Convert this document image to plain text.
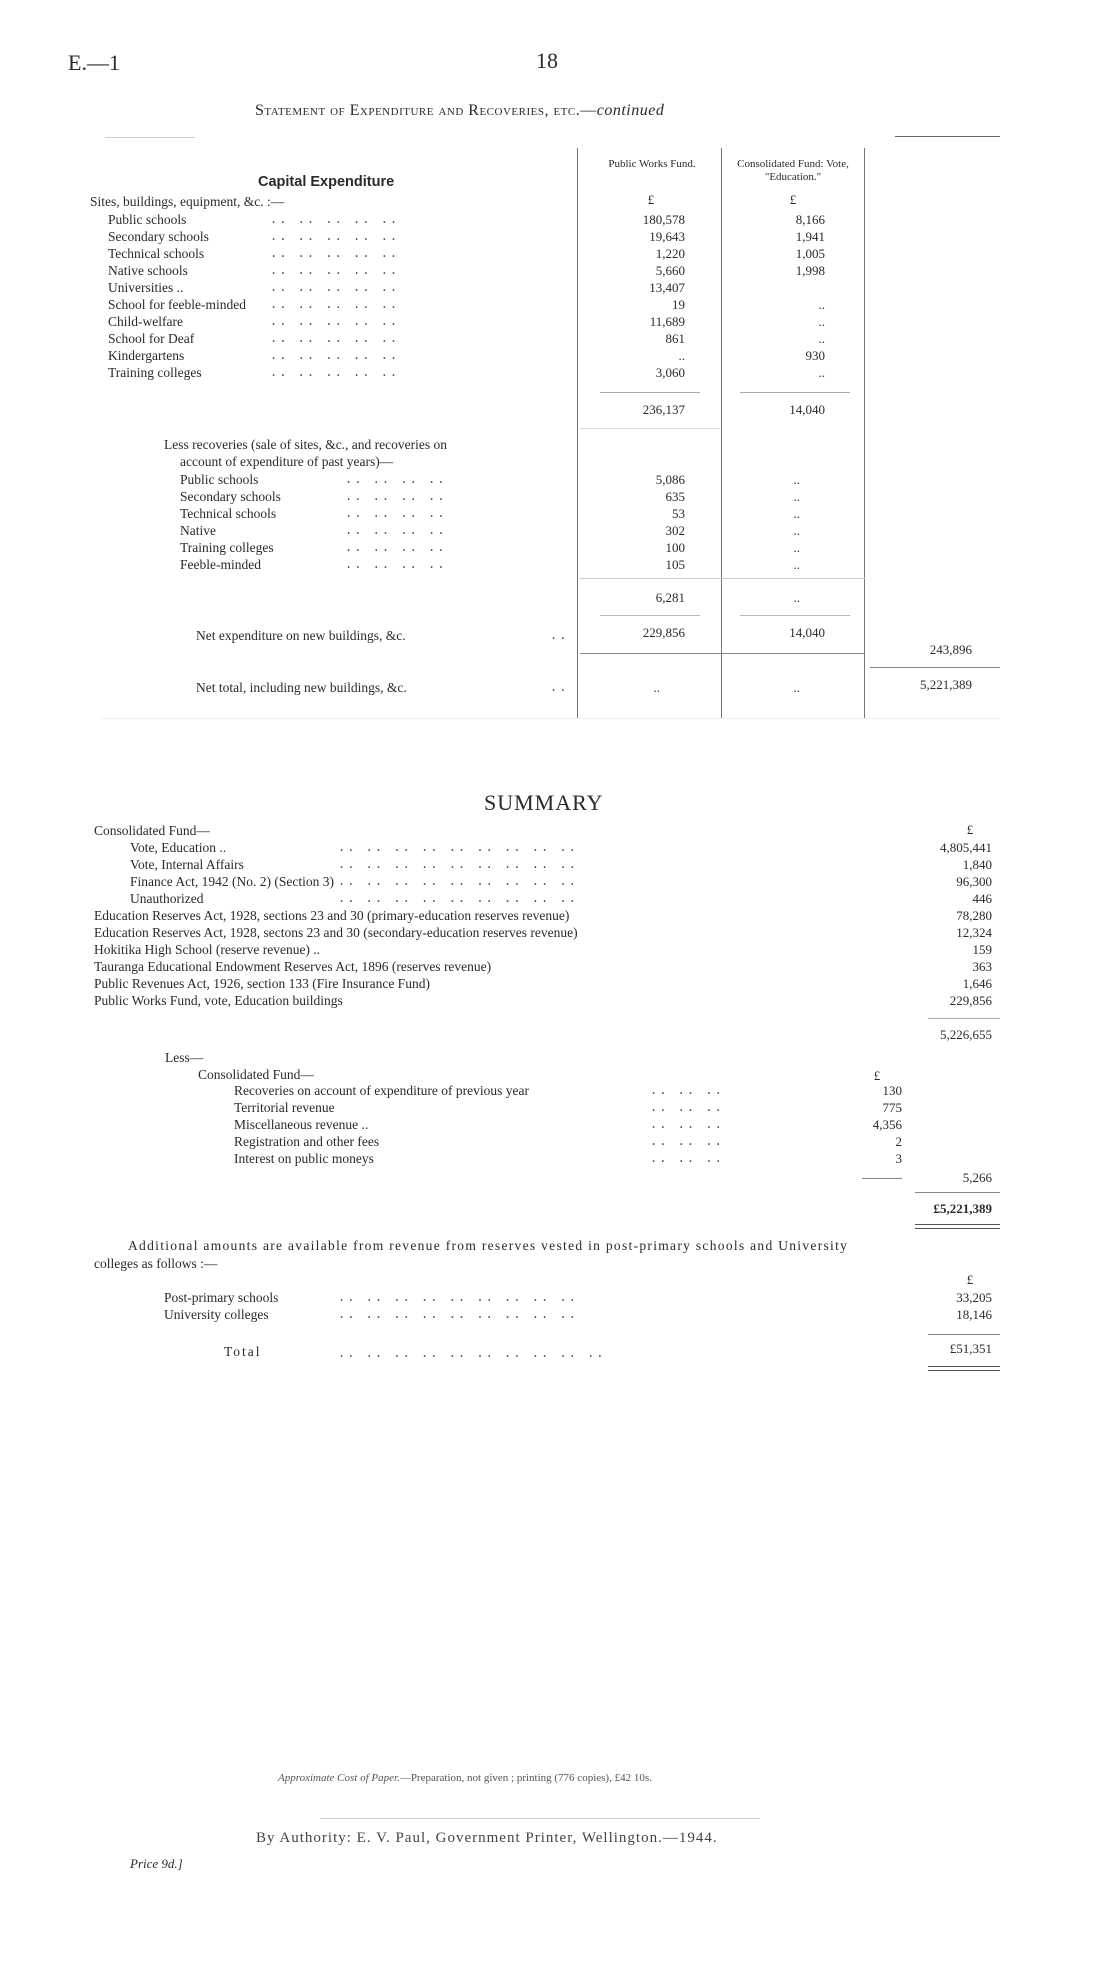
E.—1	18
Statement of Expenditure and Recoveries, etc.—continued
Capital Expenditure
Public Works Fund.	Consolidated Fund: Vote, "Education."
£	£
Sites, buildings, equipment, &c. :—
Public schools	.. .. .. .. ..	180,578	8,166
Secondary schools	.. .. .. .. ..	19,643	1,941
Technical schools	.. .. .. .. ..	1,220	1,005
Native schools	.. .. .. .. ..	5,660	1,998
Universities ..	.. .. .. .. ..	13,407
School for feeble-minded .. .. .. .. ..	19	..
Child-welfare	.. .. .. .. ..	11,689	..
School for Deaf	.. .. .. .. ..	861	..
Kindergartens	.. .. .. .. ..	..	930
Training colleges	.. .. .. .. ..	3,060	..
236,137	14,040
Less recoveries (sale of sites, &c., and recoveries on
account of expenditure of past years)—
Public schools	.. .. .. ..	5,086	..
Secondary schools	.. .. .. ..	635	..
Technical schools	.. .. .. ..	53	..
Native	.. .. .. ..	302	..
Training colleges	.. .. .. ..	100	..
Feeble-minded	.. .. .. ..	105	..
6,281	..
Net expenditure on new buildings, &c.	..	229,856	14,040
243,896
Net total, including new buildings, &c.	..	..	..	5,221,389
SUMMARY
£
Consolidated Fund—
Vote, Education ..	4,805,441
Vote, Internal Affairs	1,840
Finance Act, 1942 (No. 2) (Section 3)	96,300
Unauthorized	446
.. .. .. .. .. .. .. .. ..
.. .. .. .. .. .. .. .. ..
.. .. .. .. .. .. .. .. ..
.. .. .. .. .. .. .. .. ..
Education Reserves Act, 1928, sections 23 and 30 (primary-education reserves revenue)	78,280
Education Reserves Act, 1928, sectons 23 and 30 (secondary-education reserves revenue)	12,324
Hokitika High School (reserve revenue) ..	159
Tauranga Educational Endowment Reserves Act, 1896 (reserves revenue)	363
Public Revenues Act, 1926, section 133 (Fire Insurance Fund)	1,646
Public Works Fund, vote, Education buildings	229,856
5,226,655
Less—
Consolidated Fund—	£
Recoveries on account of expenditure of previous year	130
Territorial revenue	775
Miscellaneous revenue ..	4,356
Registration and other fees	2
Interest on public moneys	3
.. .. ..
.. .. ..
.. .. ..
.. .. ..
.. .. ..
5,266
£5,221,389
Additional amounts are available from revenue from reserves vested in post-primary schools and University
colleges as follows :—
£
Post-primary schools	.. .. .. .. .. .. .. .. ..	33,205
University colleges	.. .. .. .. .. .. .. .. ..	18,146
Total	.. .. .. .. .. .. .. .. .. ..	£51,351
Approximate Cost of Paper.—Preparation, not given ; printing (776 copies), £42 10s.
By Authority: E. V. Paul, Government Printer, Wellington.—1944.
Price 9d.]
